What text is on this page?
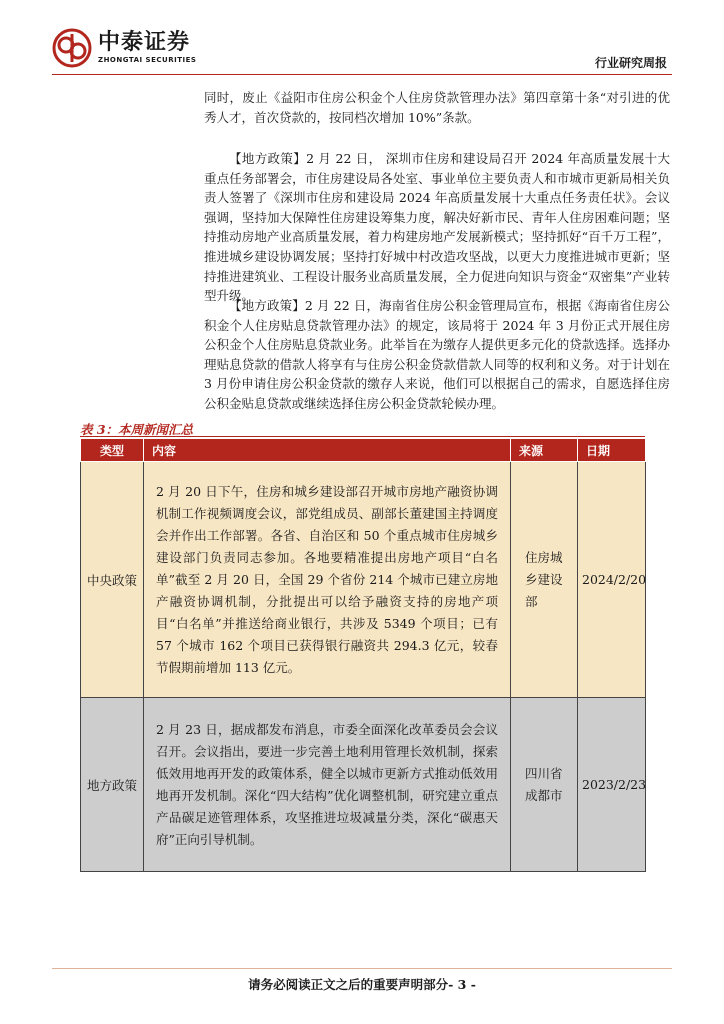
中泰证券
ZHONGTAI SECURITIES	行业研究周报
同时，废止《益阳市住房公积金个人住房贷款管理办法》第四章第十条“对引进的优秀人才，首次贷款的，按同档次增加 10%”条款。
【地方政策】2 月 22 日， 深圳市住房和建设局召开 2024 年高质量发展十大重点任务部署会，市住房建设局各处室、事业单位主要负责人和市城市更新局相关负责人签署了《深圳市住房和建设局 2024 年高质量发展十大重点任务责任状》。会议强调，坚持加大保障性住房建设筹集力度，解决好新市民、青年人住房困难问题；坚持推动房地产业高质量发展，着力构建房地产发展新模式；坚持抓好“百千万工程”，推进城乡建设协调发展；坚持打好城中村改造攻坚战，以更大力度推进城市更新；坚持推进建筑业、工程设计服务业高质量发展，全力促进向知识与资金“双密集”产业转型升级。
【地方政策】2 月 22 日，海南省住房公积金管理局宣布，根据《海南省住房公积金个人住房贴息贷款管理办法》的规定，该局将于 2024 年 3 月份正式开展住房公积金个人住房贴息贷款业务。此举旨在为缴存人提供更多元化的贷款选择。选择办理贴息贷款的借款人将享有与住房公积金贷款借款人同等的权利和义务。对于计划在 3 月份申请住房公积金贷款的缴存人来说，他们可以根据自己的需求，自愿选择住房公积金贴息贷款或继续选择住房公积金贷款轮候办理。
表 3：本周新闻汇总
类型	内容	来源	日期
中央政策	2 月 20 日下午，住房和城乡建设部召开城市房地产融资协调机制工作视频调度会议，部党组成员、副部长董建国主持调度会并作出工作部署。各省、自治区和 50 个重点城市住房城乡建设部门负责同志参加。各地要精准提出房地产项目“白名单”截至 2 月 20 日，全国 29 个省份 214 个城市已建立房地产融资协调机制，分批提出可以给予融资支持的房地产项目“白名单”并推送给商业银行，共涉及 5349 个项目；已有 57 个城市 162 个项目已获得银行融资共 294.3 亿元，较春节假期前增加 113 亿元。	住房城乡建设部	2024/2/20
地方政策	2 月 23 日，据成都发布消息，市委全面深化改革委员会会议召开。会议指出，要进一步完善土地利用管理长效机制，探索低效用地再开发的政策体系，健全以城市更新方式推动低效用地再开发机制。深化“四大结构”优化调整机制，研究建立重点产品碳足迹管理体系，攻坚推进垃圾减量分类，深化“碳惠天府”正向引导机制。	四川省成都市	2023/2/23
请务必阅读正文之后的重要声明部分- 3 -
